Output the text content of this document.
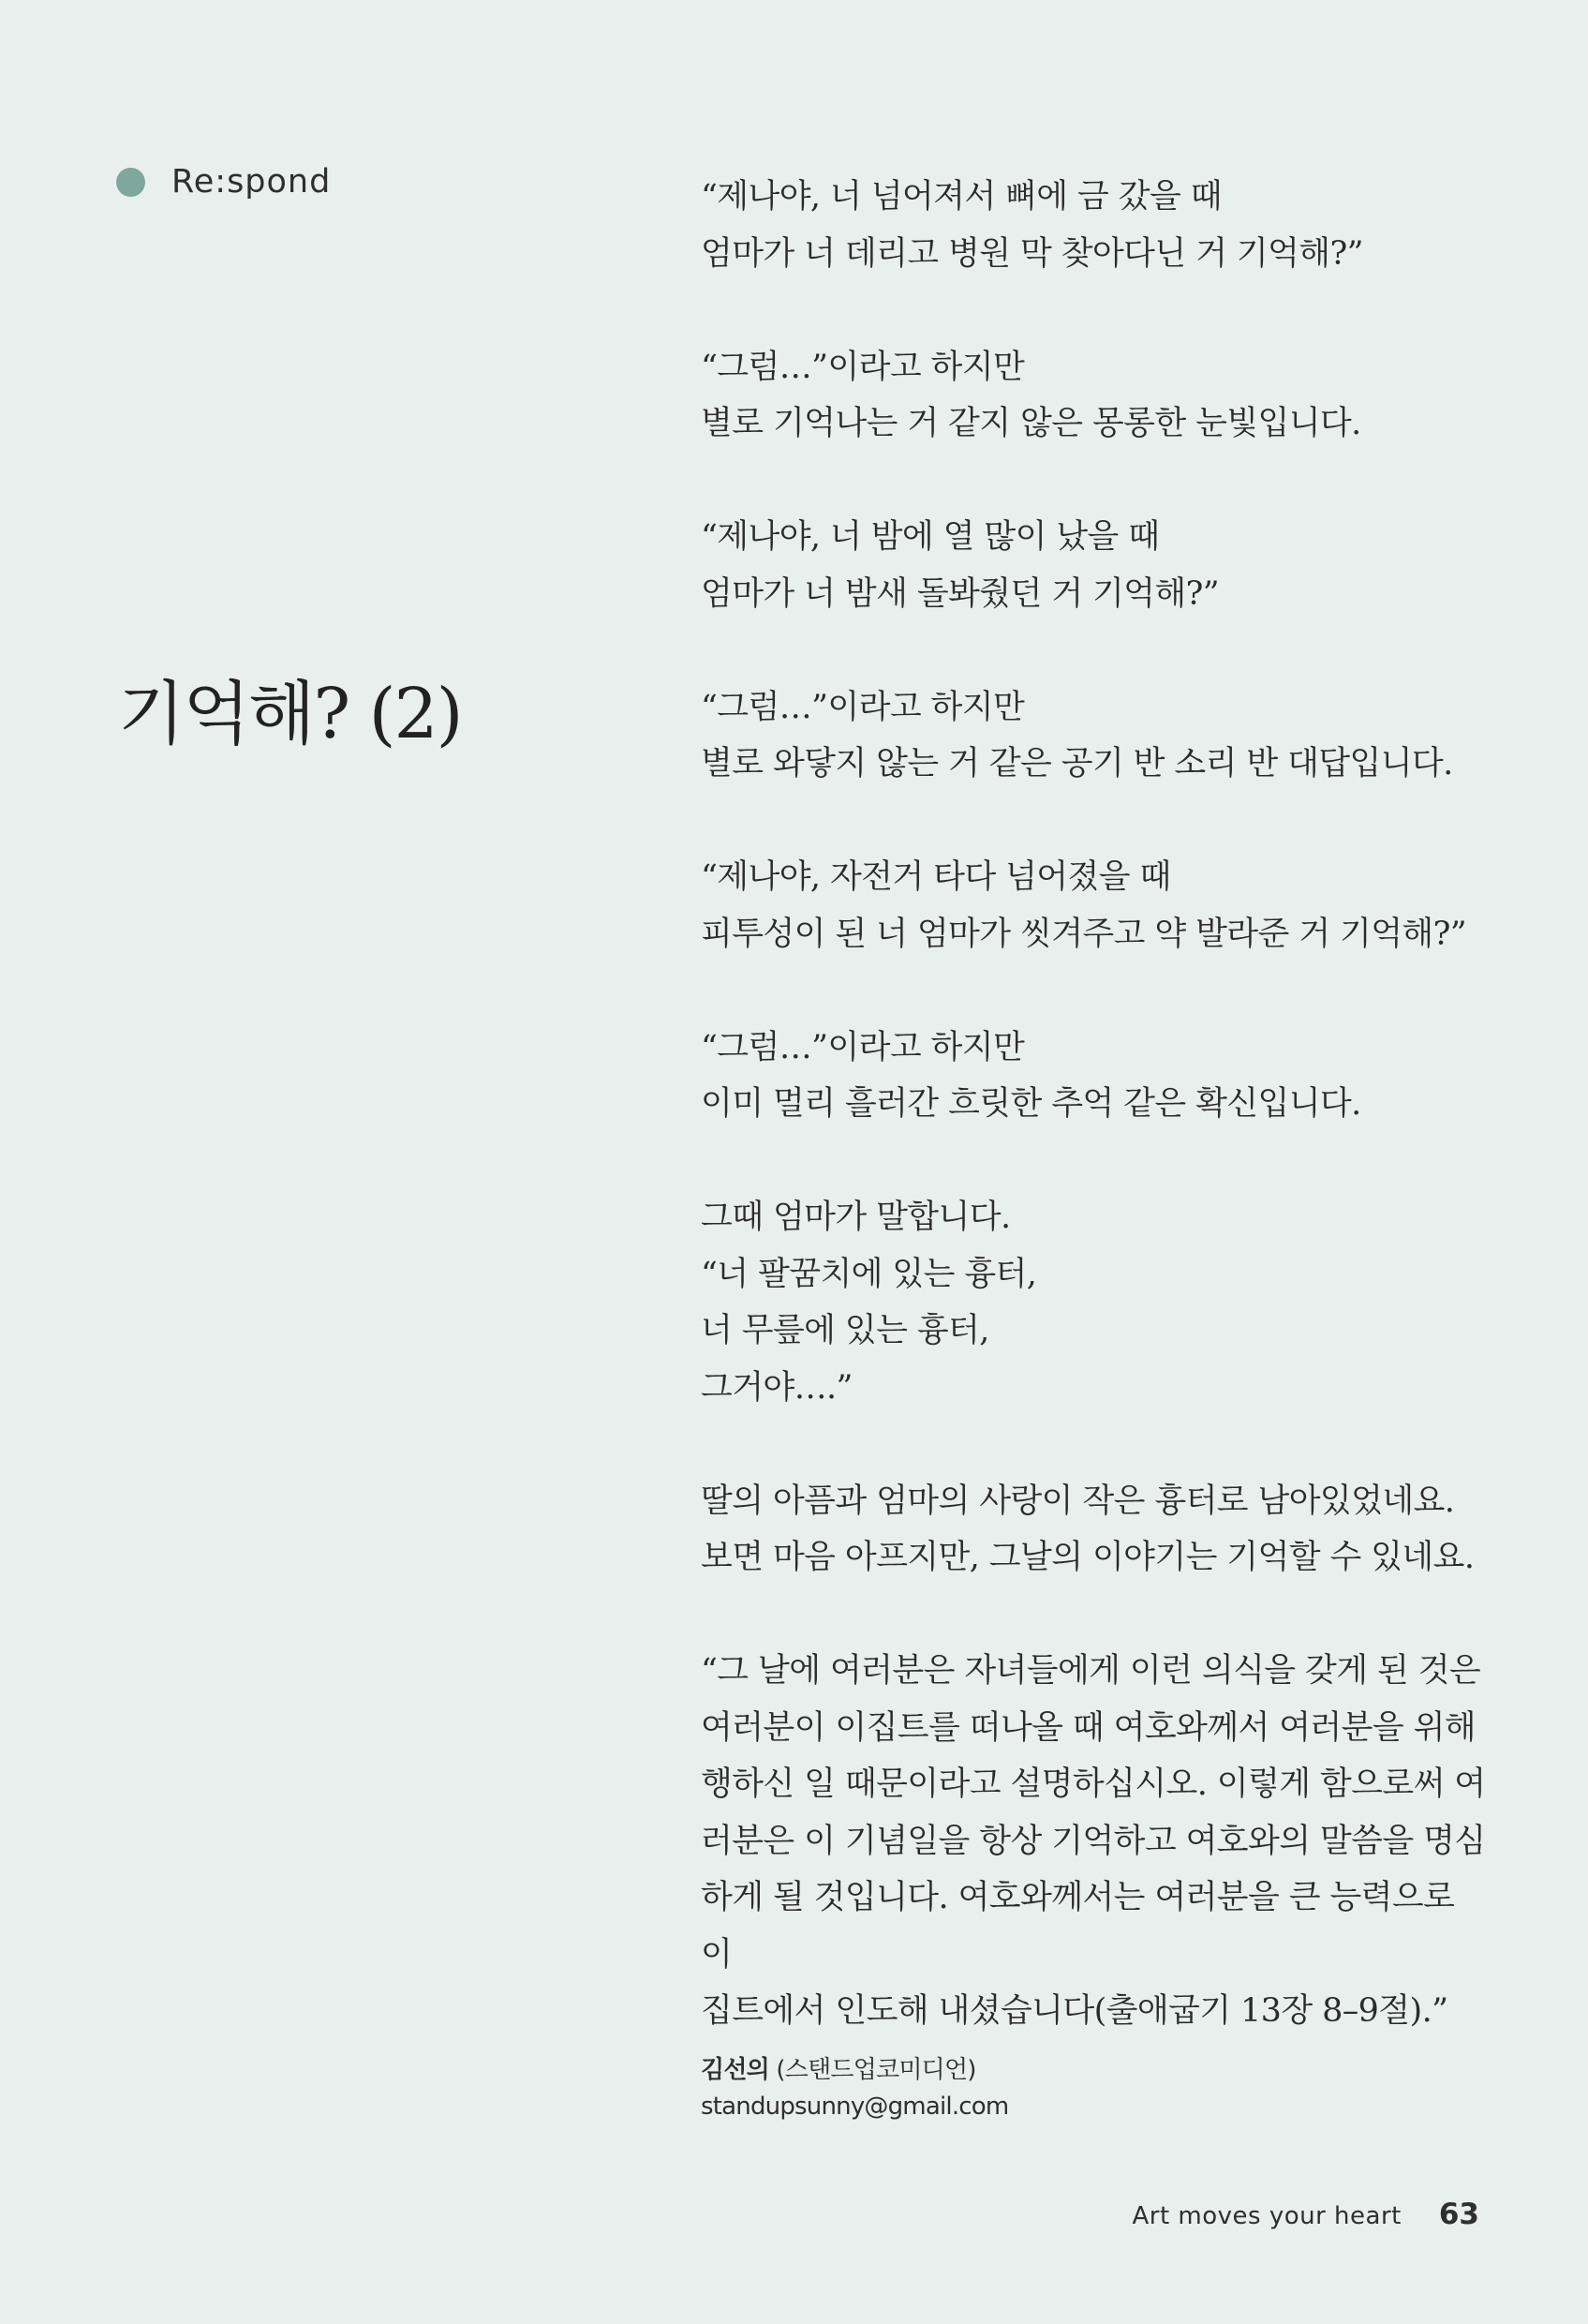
Re:spond
기억해? (2)

“제나야, 너 넘어져서 뼈에 금 갔을 때
엄마가 너 데리고 병원 막 찾아다닌 거 기억해?”

“그럼…”이라고 하지만
별로 기억나는 거 같지 않은 몽롱한 눈빛입니다.

“제나야, 너 밤에 열 많이 났을 때
엄마가 너 밤새 돌봐줬던 거 기억해?”

“그럼…”이라고 하지만
별로 와닿지 않는 거 같은 공기 반 소리 반 대답입니다.

“제나야, 자전거 타다 넘어졌을 때
피투성이 된 너 엄마가 씻겨주고 약 발라준 거 기억해?”

“그럼…”이라고 하지만
이미 멀리 흘러간 흐릿한 추억 같은 확신입니다.

그때 엄마가 말합니다.
“너 팔꿈치에 있는 흉터,
너 무릎에 있는 흉터,
그거야….”

딸의 아픔과 엄마의 사랑이 작은 흉터로 남아있었네요.
보면 마음 아프지만, 그날의 이야기는 기억할 수 있네요.

“그 날에 여러분은 자녀들에게 이런 의식을 갖게 된 것은
여러분이 이집트를 떠나올 때 여호와께서 여러분을 위해
행하신 일 때문이라고 설명하십시오. 이렇게 함으로써 여
러분은 이 기념일을 항상 기억하고 여호와의 말씀을 명심
하게 될 것입니다. 여호와께서는 여러분을 큰 능력으로 이
집트에서 인도해 내셨습니다(출애굽기 13장 8–9절).”
김선의 (스탠드업코미디언)
standupsunny@gmail.com
Art moves your heart 63
